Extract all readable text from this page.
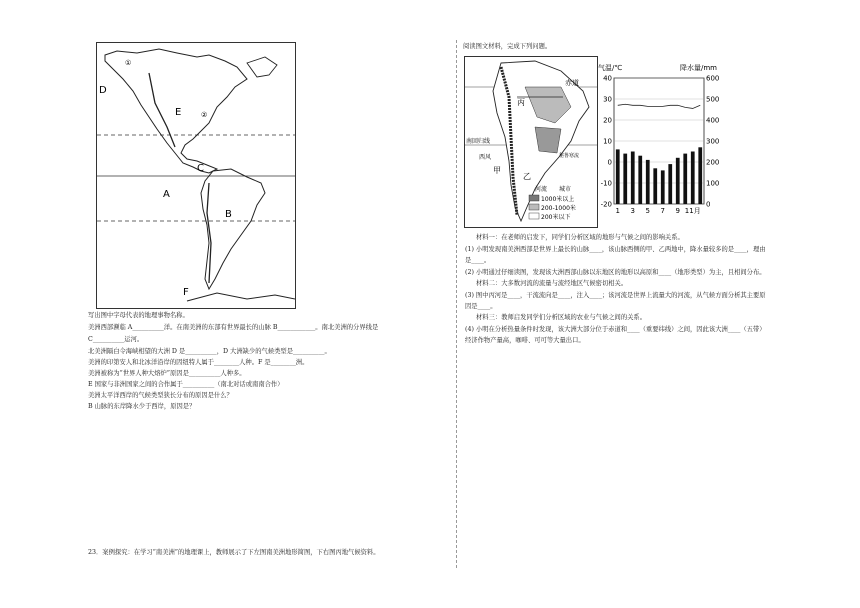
D
①
E	②
C
A
B
F
写出图中字母代表的地理事物名称。
美洲西部濒临 A__________洋。在南美洲的东部有世界最长的山脉 B____________。南北美洲的分界线是
C__________运河。
北美洲隔白令海峡相望的大洲 D 是__________，D 大洲缺少的气候类型是__________。
美洲的印第安人和北冰洋沿岸的因纽特人属于________人种。F 是________洲。
美洲被称为“世界人种大熔炉”原因是__________人种多。
E 国家与非洲国家之间的合作属于__________（南北对话或南南合作）
美洲太平洋西岸的气候类型狭长分布的原因是什么？
B 山脉的东岸降水少于西岸，原因是？
23．案例探究：在学习“南美洲”的地理课上，教师展示了下左图南美洲地形简图，下右图丙地气候资料。
阅读图文材料，完成下列问题。
赤道
南回归线
丙
甲
乙
西风	秘鲁寒流
河流 城市
1000米以上
200-1000米
200米以下
气温/℃	降水量/mm
40
30
20
10
0
-10
-20
600
500
400
300
200
100
0
1 3 5 7 9 11月
材料一：在老师的启发下，同学们分析区域的地形与气候之间的影响关系。
(1) 小明发现南美洲西部是世界上最长的山脉____，该山脉西侧的甲、乙两地中，降水量较多的是____，理由
是____。
(2) 小明通过仔细读图，发现该大洲西部山脉以东地区的地形以高原和____（地形类型）为主，且相间分布。
材料二：大多数河流的流量与流经地区气候密切相关。
(3) 图中丙河是____，干流流向是____，注入____；该河流是世界上流量大的河流，从气候方面分析其主要原
因是____。
材料三：教师启发同学们分析区域的农业与气候之间的关系。
(4) 小明在分析热量条件时发现，该大洲大部分位于赤道和____（重要纬线）之间，因此该大洲____（五带）
经济作物产量高，咖啡、可可等大量出口。
